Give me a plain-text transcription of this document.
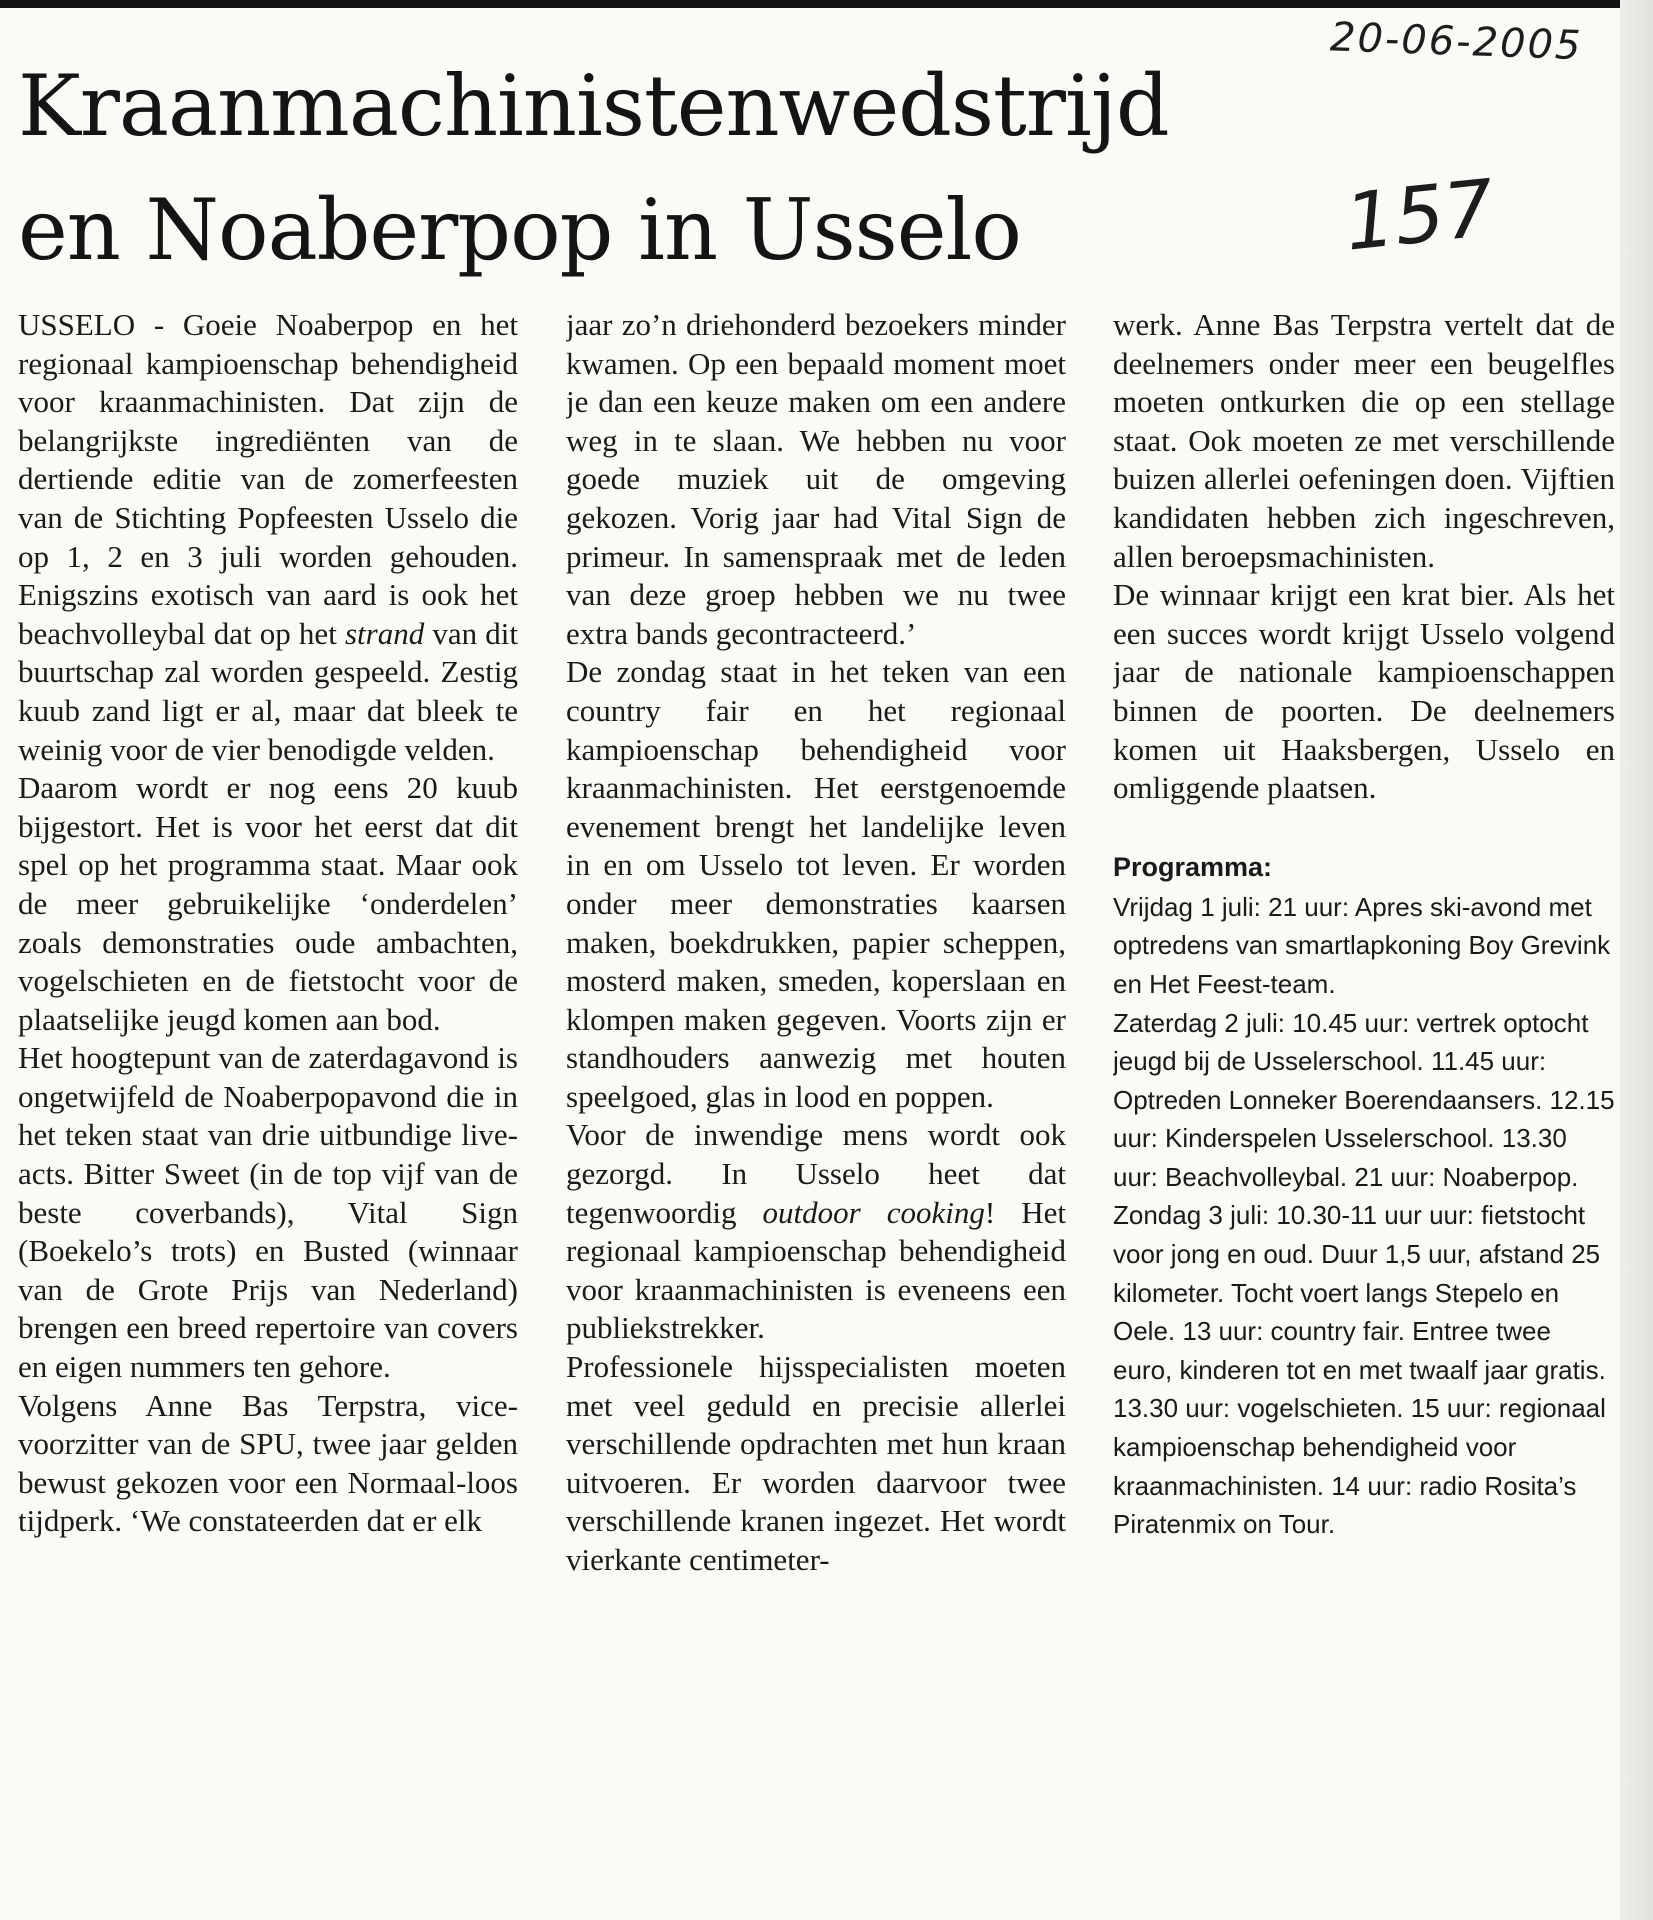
20-06-2005
157
Kraanmachinistenwedstrijd
en Noaberpop in Usselo

USSELO - Goeie Noaberpop en het regionaal kampioenschap behendigheid voor kraanmachinisten. Dat zijn de belangrijkste ingrediënten van de dertiende editie van de zomerfeesten van de Stichting Popfeesten Usselo die op 1, 2 en 3 juli worden gehouden. Enigszins exotisch van aard is ook het beachvolleybal dat op het strand van dit buurtschap zal worden gespeeld. Zestig kuub zand ligt er al, maar dat bleek te weinig voor de vier benodigde velden.

Daarom wordt er nog eens 20 kuub bijgestort. Het is voor het eerst dat dit spel op het programma staat. Maar ook de meer gebruikelijke ‘onderdelen’ zoals demonstraties oude ambachten, vogelschieten en de fietstocht voor de plaatselijke jeugd komen aan bod.

Het hoogtepunt van de zaterdagavond is ongetwijfeld de Noaberpopavond die in het teken staat van drie uitbundige live-acts. Bitter Sweet (in de top vijf van de beste coverbands), Vital Sign (Boekelo’s trots) en Busted (winnaar van de Grote Prijs van Nederland) brengen een breed repertoire van covers en eigen nummers ten gehore.

Volgens Anne Bas Terpstra, vice-voorzitter van de SPU, twee jaar gelden bewust gekozen voor een Normaal-loos tijdperk. ‘We constateerden dat er elk

jaar zo’n driehonderd bezoekers minder kwamen. Op een bepaald moment moet je dan een keuze maken om een andere weg in te slaan. We hebben nu voor goede muziek uit de omgeving gekozen. Vorig jaar had Vital Sign de primeur. In samenspraak met de leden van deze groep hebben we nu twee extra bands gecontracteerd.’

De zondag staat in het teken van een country fair en het regionaal kampioenschap behendigheid voor kraanmachinisten. Het eerstgenoemde evenement brengt het landelijke leven in en om Usselo tot leven. Er worden onder meer demonstraties kaarsen maken, boekdrukken, papier scheppen, mosterd maken, smeden, koperslaan en klompen maken gegeven. Voorts zijn er standhouders aanwezig met houten speelgoed, glas in lood en poppen.

Voor de inwendige mens wordt ook gezorgd. In Usselo heet dat tegenwoordig outdoor cooking! Het regionaal kampioenschap behendigheid voor kraanmachinisten is eveneens een publiekstrekker.

Professionele hijsspecialisten moeten met veel geduld en precisie allerlei verschillende opdrachten met hun kraan uitvoeren. Er worden daarvoor twee verschillende kranen ingezet. Het wordt vierkante centimeter-

werk. Anne Bas Terpstra vertelt dat de deelnemers onder meer een beugelfles moeten ontkurken die op een stellage staat. Ook moeten ze met verschillende buizen allerlei oefeningen doen. Vijftien kandidaten hebben zich ingeschreven, allen beroepsmachinisten.

De winnaar krijgt een krat bier. Als het een succes wordt krijgt Usselo volgend jaar de nationale kampioenschappen binnen de poorten. De deelnemers komen uit Haaksbergen, Usselo en omliggende plaatsen.

Programma:

Vrijdag 1 juli: 21 uur: Apres ski-avond met optredens van smartlapkoning Boy Grevink en Het Feest-team.

Zaterdag 2 juli: 10.45 uur: vertrek optocht jeugd bij de Usselerschool. 11.45 uur: Optreden Lonneker Boerendaansers. 12.15 uur: Kinderspelen Usselerschool. 13.30 uur: Beachvolleybal. 21 uur: Noaberpop.

Zondag 3 juli: 10.30-11 uur uur: fietstocht voor jong en oud. Duur 1,5 uur, afstand 25 kilometer. Tocht voert langs Stepelo en Oele. 13 uur: country fair. Entree twee euro, kinderen tot en met twaalf jaar gratis. 13.30 uur: vogelschieten. 15 uur: regionaal kampioenschap behendigheid voor kraanmachinisten. 14 uur: radio Rosita’s Piratenmix on Tour.
